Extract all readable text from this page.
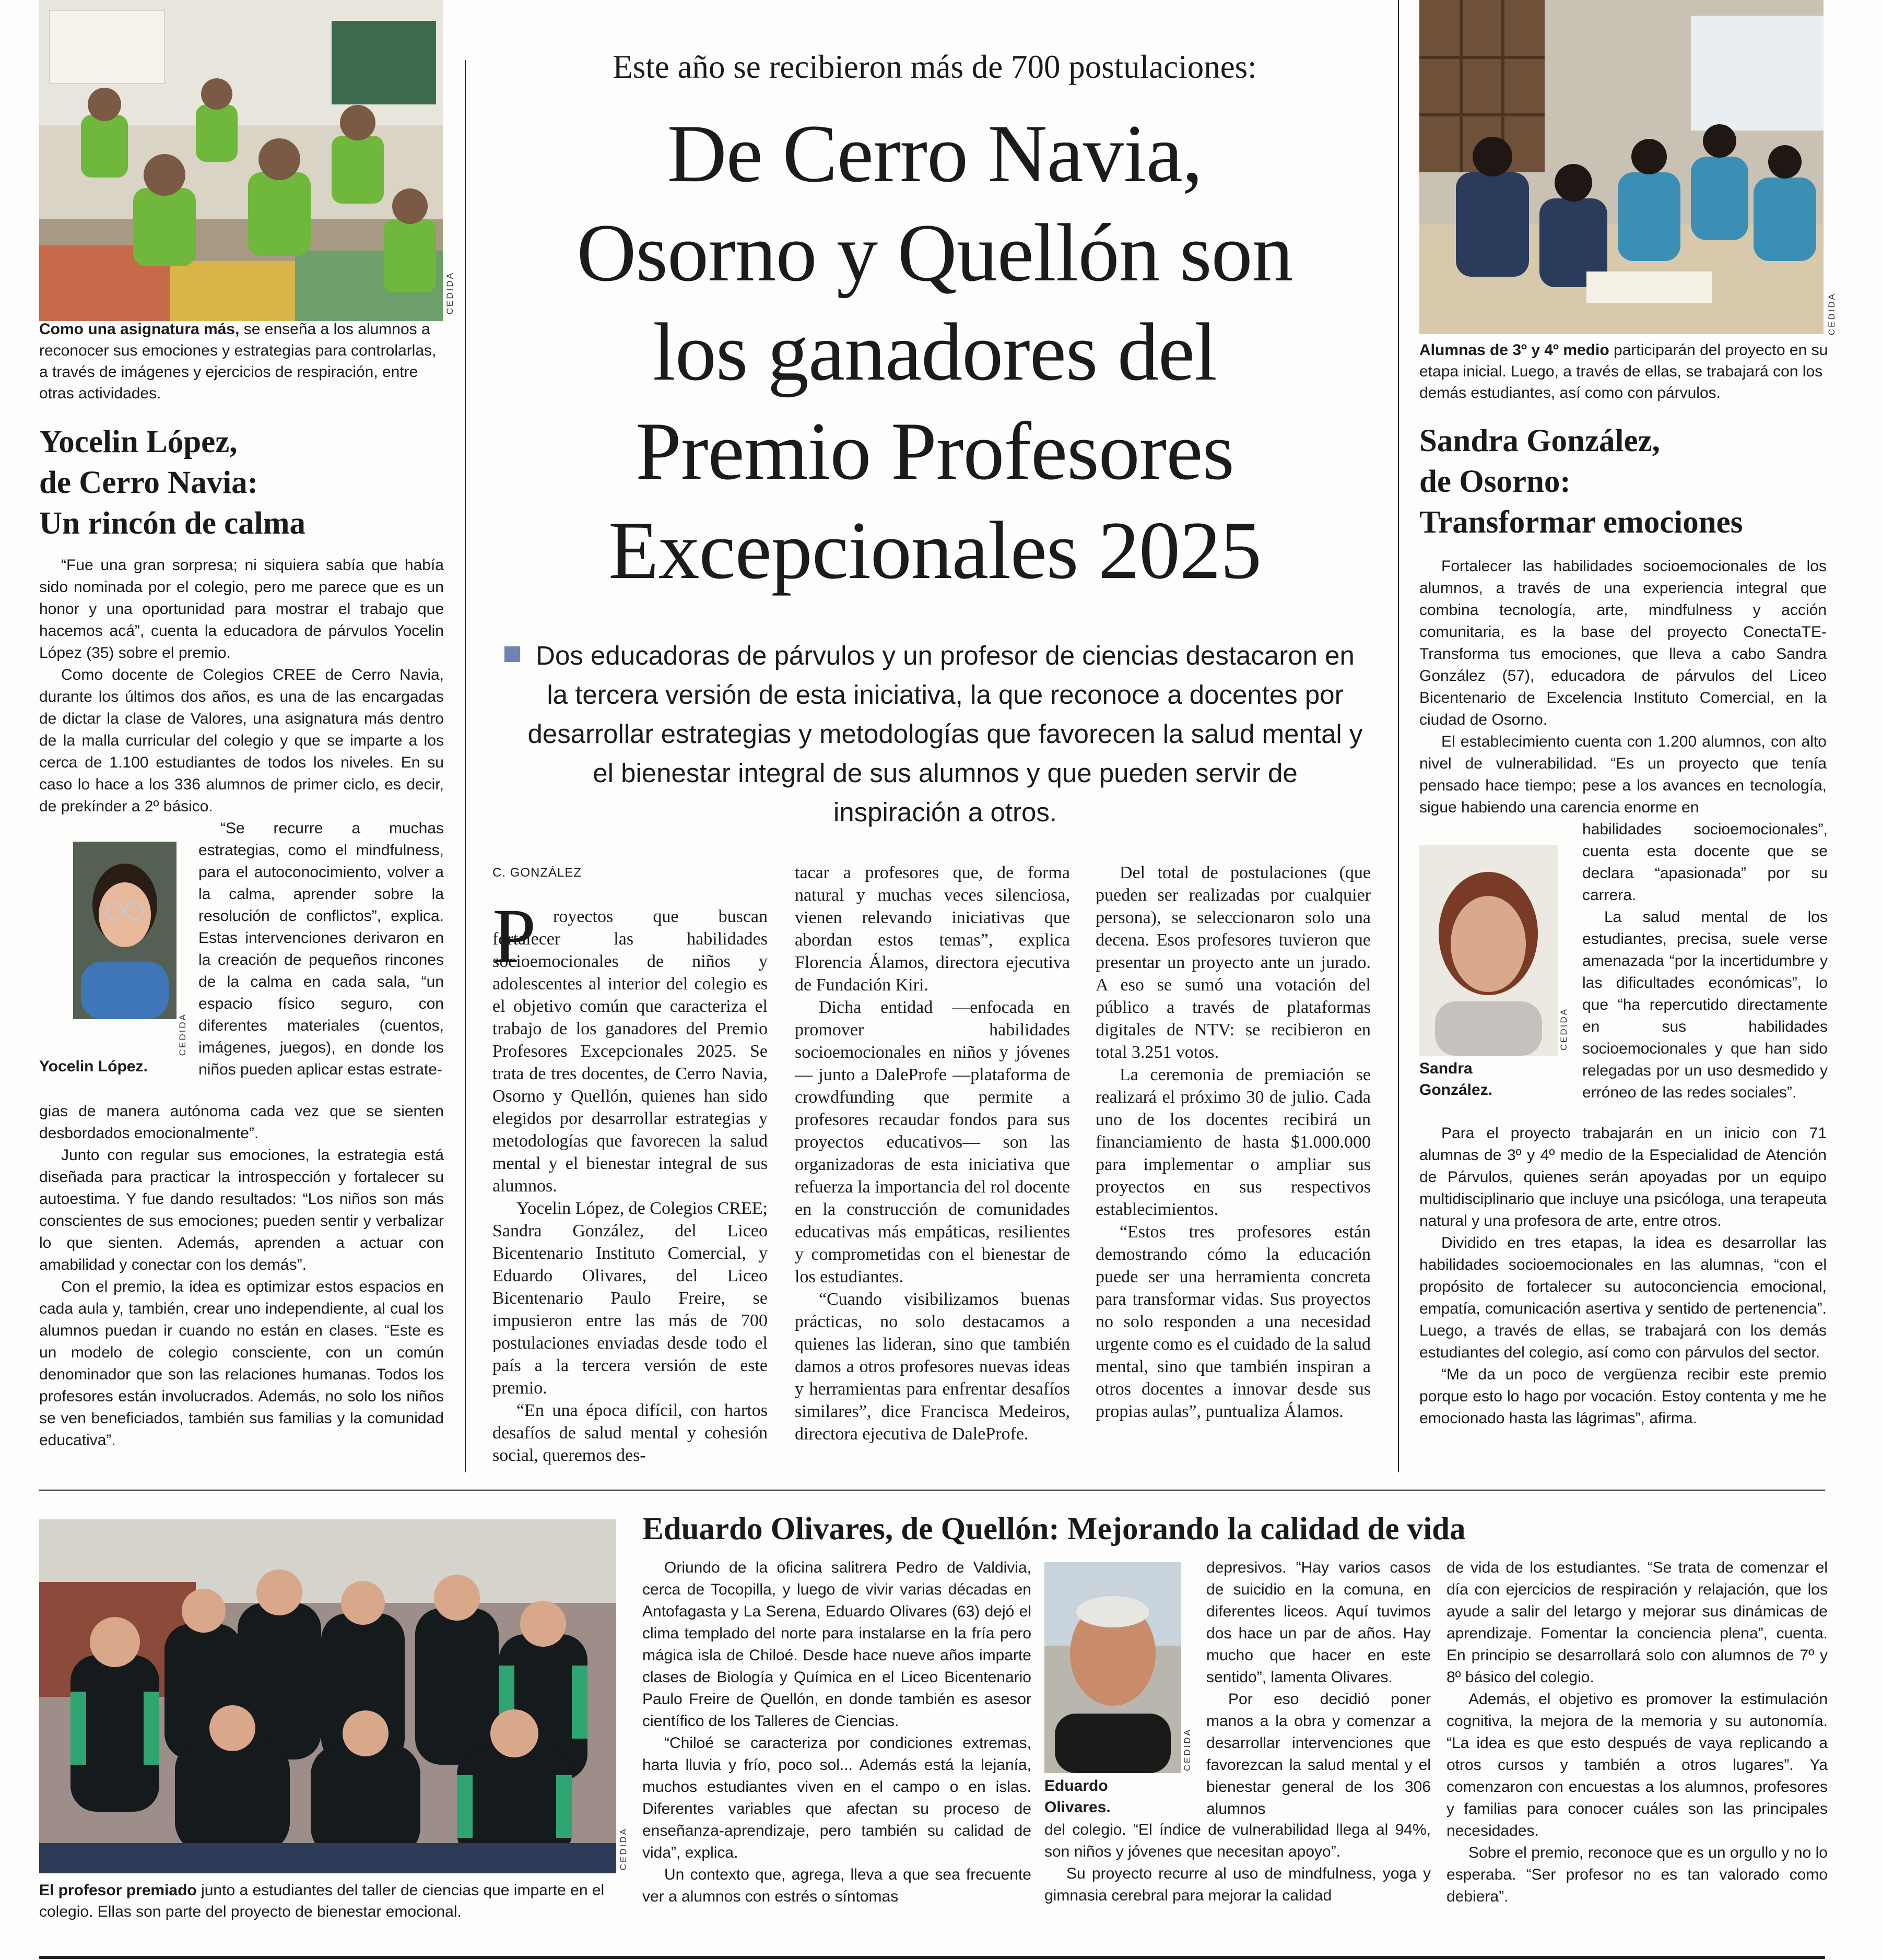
CEDIDA
Como una asignatura más, se enseña a los alumnos a reconocer sus emociones y estrategias para controlarlas, a través de imágenes y ejercicios de respiración, entre otras actividades.
Yocelin López,
de Cerro Navia:
Un rincón de calma

“Fue una gran sorpresa; ni siquiera sabía que había sido nominada por el colegio, pero me parece que es un honor y una oportunidad para mostrar el trabajo que hacemos acá”, cuenta la educadora de párvulos Yocelin López (35) sobre el premio.

Como docente de Colegios CREE de Cerro Navia, durante los últimos dos años, es una de las encargadas de dictar la clase de Valores, una asignatura más dentro de la malla curricular del colegio y que se imparte a los cerca de 1.100 estudiantes de todos los niveles. En su caso lo hace a los 336 alumnos de primer ciclo, es decir, de prekínder a 2º básico.

CEDIDA
Yocelin López.

“Se recurre a muchas estrategias, como el mindfulness, para el autoconocimiento, volver a la calma, aprender sobre la resolución de conflictos”, explica. Estas intervenciones derivaron en la creación de pequeños rincones de la calma en cada sala, “un espacio físico seguro, con diferentes materiales (cuentos, imágenes, juegos), en donde los niños pueden aplicar estas estrate-

gias de manera autónoma cada vez que se sienten desbordados emocionalmente”.

Junto con regular sus emociones, la estrategia está diseñada para practicar la introspección y fortalecer su autoestima. Y fue dando resultados: “Los niños son más conscientes de sus emociones; pueden sentir y verbalizar lo que sienten. Además, aprenden a actuar con amabilidad y conectar con los demás”.

Con el premio, la idea es optimizar estos espacios en cada aula y, también, crear uno independiente, al cual los alumnos puedan ir cuando no están en clases. “Este es un modelo de colegio consciente, con un común denominador que son las relaciones humanas. Todos los profesores están involucrados. Además, no solo los niños se ven beneficiados, también sus familias y la comunidad educativa”.

Este año se recibieron más de 700 postulaciones:
De Cerro Navia,
Osorno y Quellón son
los ganadores del
Premio Profesores
Excepcionales 2025
Dos educadoras de párvulos y un profesor de ciencias destacaron en la tercera versión de esta iniciativa, la que reconoce a docentes por desarrollar estrategias y metodologías que favorecen la salud mental y el bienestar integral de sus alumnos y que pueden servir de inspiración a otros.
C. GONZÁLEZ
P royectos que buscan fortalecer las habilidades socioemocionales de niños y adolescentes al interior del colegio es el objetivo común que caracteriza el trabajo de los ganadores del Premio Profesores Excepcionales 2025. Se trata de tres docentes, de Cerro Navia, Osorno y Quellón, quienes han sido elegidos por desarrollar estrategias y metodologías que favorecen la salud mental y el bienestar integral de sus alumnos.

Yocelin López, de Colegios CREE; Sandra González, del Liceo Bicentenario Instituto Comercial, y Eduardo Olivares, del Liceo Bicentenario Paulo Freire, se impusieron entre las más de 700 postulaciones enviadas desde todo el país a la tercera versión de este premio.

“En una época difícil, con hartos desafíos de salud mental y cohesión social, queremos des-

tacar a profesores que, de forma natural y muchas veces silenciosa, vienen relevando iniciativas que abordan estos temas”, explica Florencia Álamos, directora ejecutiva de Fundación Kiri.

Dicha entidad —enfocada en promover habilidades socioemocionales en niños y jóvenes— junto a DaleProfe —plataforma de crowdfunding que permite a profesores recaudar fondos para sus proyectos educativos— son las organizadoras de esta iniciativa que refuerza la importancia del rol docente en la construcción de comunidades educativas más empáticas, resilientes y comprometidas con el bienestar de los estudiantes.

“Cuando visibilizamos buenas prácticas, no solo destacamos a quienes las lideran, sino que también damos a otros profesores nuevas ideas y herramientas para enfrentar desafíos similares”, dice Francisca Medeiros, directora ejecutiva de DaleProfe.

Del total de postulaciones (que pueden ser realizadas por cualquier persona), se seleccionaron solo una decena. Esos profesores tuvieron que presentar un proyecto ante un jurado. A eso se sumó una votación del público a través de plataformas digitales de NTV: se recibieron en total 3.251 votos.

La ceremonia de premiación se realizará el próximo 30 de julio. Cada uno de los docentes recibirá un financiamiento de hasta $1.000.000 para implementar o ampliar sus proyectos en sus respectivos establecimientos.

“Estos tres profesores están demostrando cómo la educación puede ser una herramienta concreta para transformar vidas. Sus proyectos no solo responden a una necesidad urgente como es el cuidado de la salud mental, sino que también inspiran a otros docentes a innovar desde sus propias aulas”, puntualiza Álamos.

CEDIDA
Alumnas de 3º y 4º medio participarán del proyecto en su etapa inicial. Luego, a través de ellas, se trabajará con los demás estudiantes, así como con párvulos.
Sandra González,
de Osorno:
Transformar emociones

Fortalecer las habilidades socioemocionales de los alumnos, a través de una experiencia integral que combina tecnología, arte, mindfulness y acción comunitaria, es la base del proyecto ConectaTE-Transforma tus emociones, que lleva a cabo Sandra González (57), educadora de párvulos del Liceo Bicentenario de Excelencia Instituto Comercial, en la ciudad de Osorno.

El establecimiento cuenta con 1.200 alumnos, con alto nivel de vulnerabilidad. “Es un proyecto que tenía pensado hace tiempo; pese a los avances en tecnología, sigue habiendo una carencia enorme en

CEDIDA
Sandra González.

habilidades socioemocionales”, cuenta esta docente que se declara “apasionada” por su carrera.

La salud mental de los estudiantes, precisa, suele verse amenazada “por la incertidumbre y las dificultades económicas”, lo que “ha repercutido directamente en sus habilidades socioemocionales y que han sido relegadas por un uso desmedido y erróneo de las redes sociales”.

Para el proyecto trabajarán en un inicio con 71 alumnas de 3º y 4º medio de la Especialidad de Atención de Párvulos, quienes serán apoyadas por un equipo multidisciplinario que incluye una psicóloga, una terapeuta natural y una profesora de arte, entre otros.

Dividido en tres etapas, la idea es desarrollar las habilidades socioemocionales en las alumnas, “con el propósito de fortalecer su autoconciencia emocional, empatía, comunicación asertiva y sentido de pertenencia”. Luego, a través de ellas, se trabajará con los demás estudiantes del colegio, así como con párvulos del sector.

“Me da un poco de vergüenza recibir este premio porque esto lo hago por vocación. Estoy contenta y me he emocionado hasta las lágrimas”, afirma.

CEDIDA
El profesor premiado junto a estudiantes del taller de ciencias que imparte en el colegio. Ellas son parte del proyecto de bienestar emocional.
Eduardo Olivares, de Quellón: Mejorando la calidad de vida

Oriundo de la oficina salitrera Pedro de Valdivia, cerca de Tocopilla, y luego de vivir varias décadas en Antofagasta y La Serena, Eduardo Olivares (63) dejó el clima templado del norte para instalarse en la fría pero mágica isla de Chiloé. Desde hace nueve años imparte clases de Biología y Química en el Liceo Bicentenario Paulo Freire de Quellón, en donde también es asesor científico de los Talleres de Ciencias.

“Chiloé se caracteriza por condiciones extremas, harta lluvia y frío, poco sol... Además está la lejanía, muchos estudiantes viven en el campo o en islas. Diferentes variables que afectan su proceso de enseñanza-aprendizaje, pero también su calidad de vida”, explica.

Un contexto que, agrega, lleva a que sea frecuente ver a alumnos con estrés o síntomas

CEDIDA
Eduardo Olivares.

depresivos. “Hay varios casos de suicidio en la comuna, en diferentes liceos. Aquí tuvimos dos hace un par de años. Hay mucho que hacer en este sentido”, lamenta Olivares.

Por eso decidió poner manos a la obra y comenzar a desarrollar intervenciones que favorezcan la salud mental y el bienestar general de los 306 alumnos

del colegio. “El índice de vulnerabilidad llega al 94%, son niños y jóvenes que necesitan apoyo”.

Su proyecto recurre al uso de mindfulness, yoga y gimnasia cerebral para mejorar la calidad

de vida de los estudiantes. “Se trata de comenzar el día con ejercicios de respiración y relajación, que los ayude a salir del letargo y mejorar sus dinámicas de aprendizaje. Fomentar la conciencia plena”, cuenta. En principio se desarrollará solo con alumnos de 7º y 8º básico del colegio.

Además, el objetivo es promover la estimulación cognitiva, la mejora de la memoria y su autonomía. “La idea es que esto después de vaya replicando a otros cursos y también a otros lugares”. Ya comenzaron con encuestas a los alumnos, profesores y familias para conocer cuáles son las principales necesidades.

Sobre el premio, reconoce que es un orgullo y no lo esperaba. “Ser profesor no es tan valorado como debiera”.
